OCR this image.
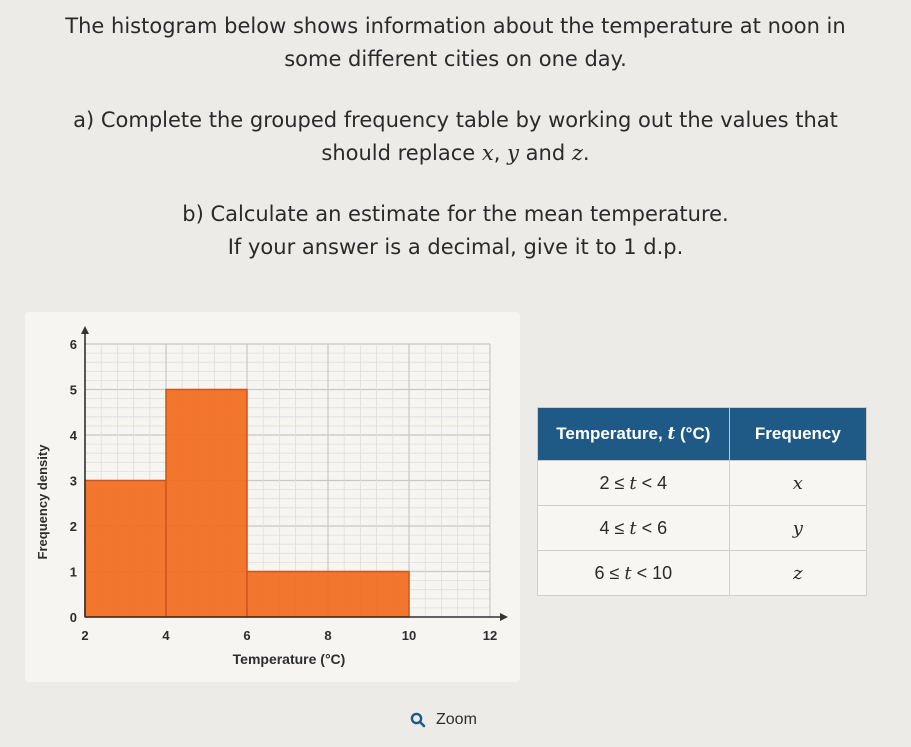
The histogram below shows information about the temperature at noon in

some different cities on one day.

a) Complete the grouped frequency table by working out the values that

should replace x, y and z.

b) Calculate an estimate for the mean temperature.

If your answer is a decimal, give it to 1 d.p.

0
1
2
3
4
5
6
2	4	6	8	10	12
Frequency density
Temperature (°C)
Temperature, t (°C)	Frequency
2 ≤ t < 4	x
4 ≤ t < 6	y
6 ≤ t < 10	z
Zoom
